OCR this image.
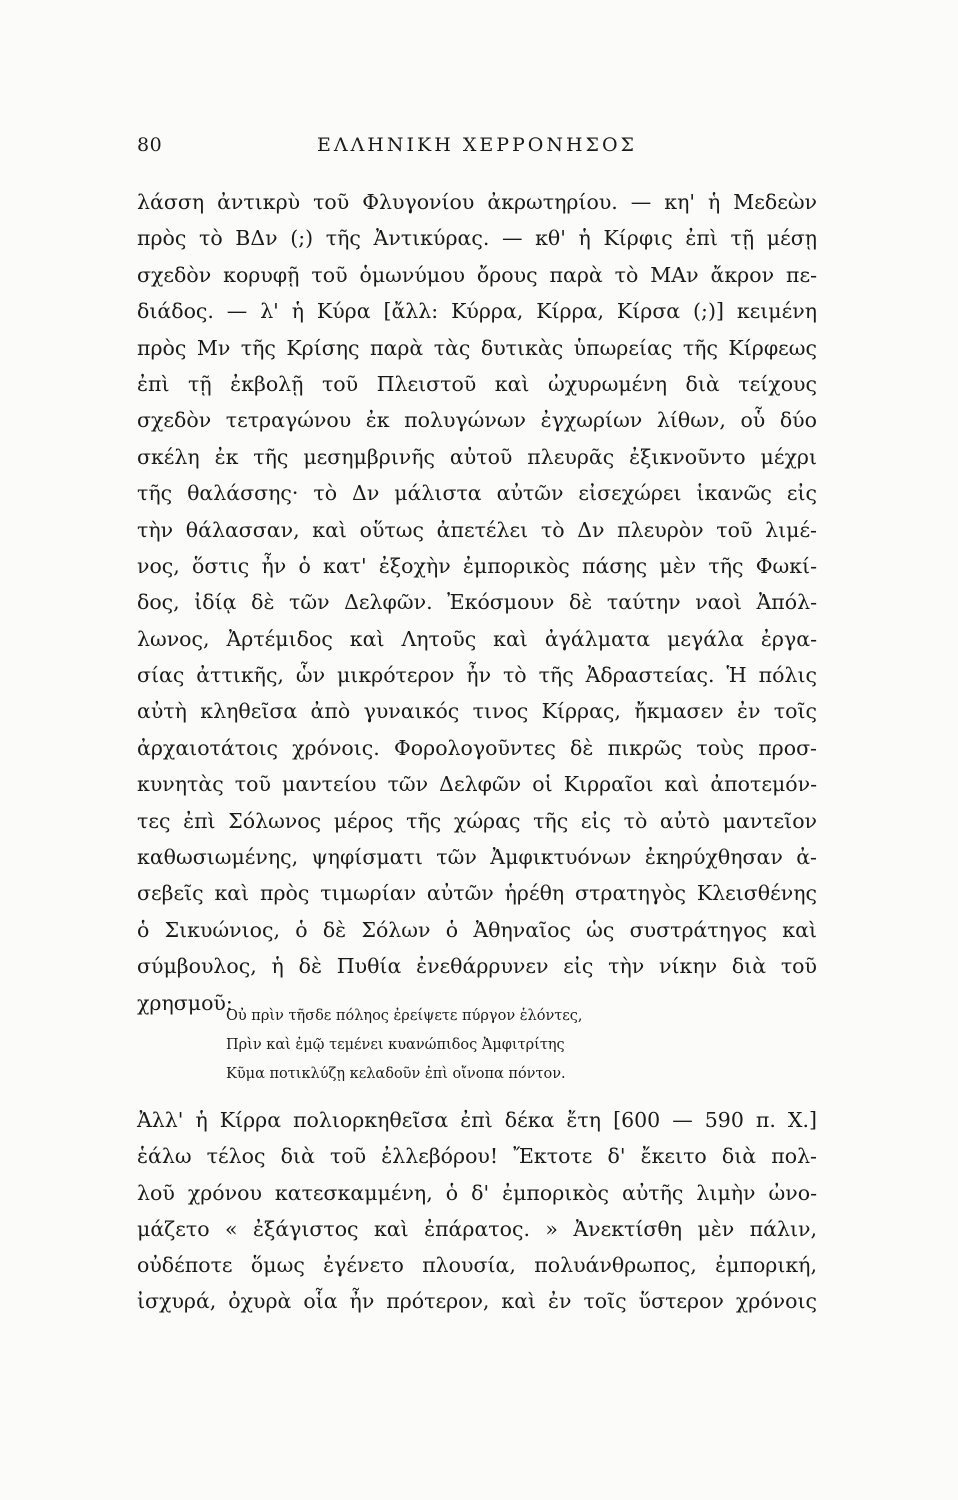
80	ΕΛΛΗΝΙΚΗ ΧΕΡΡΟΝΗΣΟΣ
λάσση ἀντικρὺ τοῦ Φλυγονίου ἀκρωτηρίου. — κη' ἡ Μεδεὼν
πρὸς τὸ ΒΔν (;) τῆς Ἀντικύρας. — κθ' ἡ Κίρφις ἐπὶ τῇ μέσῃ
σχεδὸν κορυφῇ τοῦ ὁμωνύμου ὄρους παρὰ τὸ ΜΑν ἄκρον πε-
διάδος. — λ' ἡ Κύρα [ἄλλ: Κύρρα, Κίρρα, Κίρσα (;)] κειμένη
πρὸς Μν τῆς Κρίσης παρὰ τὰς δυτικὰς ὑπωρείας τῆς Κίρφεως
ἐπὶ τῇ ἐκβολῇ τοῦ Πλειστοῦ καὶ ὠχυρωμένη διὰ τείχους
σχεδὸν τετραγώνου ἐκ πολυγώνων ἐγχωρίων λίθων, οὗ δύο
σκέλη ἐκ τῆς μεσημβρινῆς αὐτοῦ πλευρᾶς ἐξικνοῦντο μέχρι
τῆς θαλάσσης· τὸ Δν μάλιστα αὐτῶν εἰσεχώρει ἱκανῶς εἰς
τὴν θάλασσαν, καὶ οὕτως ἀπετέλει τὸ Δν πλευρὸν τοῦ λιμέ-
νος, ὅστις ἦν ὁ κατ' ἐξοχὴν ἐμπορικὸς πάσης μὲν τῆς Φωκί-
δος, ἰδίᾳ δὲ τῶν Δελφῶν. Ἐκόσμουν δὲ ταύτην ναοὶ Ἀπόλ-
λωνος, Ἀρτέμιδος καὶ Λητοῦς καὶ ἀγάλματα μεγάλα ἐργα-
σίας ἀττικῆς, ὧν μικρότερον ἦν τὸ τῆς Ἀδραστείας. Ἡ πόλις
αὐτὴ κληθεῖσα ἀπὸ γυναικός τινος Κίρρας, ἤκμασεν ἐν τοῖς
ἀρχαιοτάτοις χρόνοις. Φορολογοῦντες δὲ πικρῶς τοὺς προσ-
κυνητὰς τοῦ μαντείου τῶν Δελφῶν οἱ Κιρραῖοι καὶ ἀποτεμόν-
τες ἐπὶ Σόλωνος μέρος τῆς χώρας τῆς εἰς τὸ αὐτὸ μαντεῖον
καθωσιωμένης, ψηφίσματι τῶν Ἀμφικτυόνων ἐκηρύχθησαν ἀ-
σεβεῖς καὶ πρὸς τιμωρίαν αὐτῶν ἡρέθη στρατηγὸς Κλεισθένης
ὁ Σικυώνιος, ὁ δὲ Σόλων ὁ Ἀθηναῖος ὡς συστράτηγος καὶ
σύμβουλος, ἡ δὲ Πυθία ἐνεθάρρυνεν εἰς τὴν νίκην διὰ τοῦ
χρησμοῦ:
Οὐ πρὶν τῆσδε πόληος ἐρείψετε πύργον ἑλόντες,
Πρὶν καὶ ἐμῷ τεμένει κυανώπιδος Ἀμφιτρίτης
Κῦμα ποτικλύζῃ κελαδοῦν ἐπὶ οἴνοπα πόντον.
Ἀλλ' ἡ Κίρρα πολιορκηθεῖσα ἐπὶ δέκα ἔτη [600 — 590 π. Χ.]
ἑάλω τέλος διὰ τοῦ ἐλλεβόρου! Ἔκτοτε δ' ἔκειτο διὰ πολ-
λοῦ χρόνου κατεσκαμμένη, ὁ δ' ἐμπορικὸς αὐτῆς λιμὴν ὠνο-
μάζετο « ἐξάγιστος καὶ ἐπάρατος. » Ἀνεκτίσθη μὲν πάλιν,
οὐδέποτε ὅμως ἐγένετο πλουσία, πολυάνθρωπος, ἐμπορική,
ἰσχυρά, ὀχυρὰ οἷα ἦν πρότερον, καὶ ἐν τοῖς ὕστερον χρόνοις
